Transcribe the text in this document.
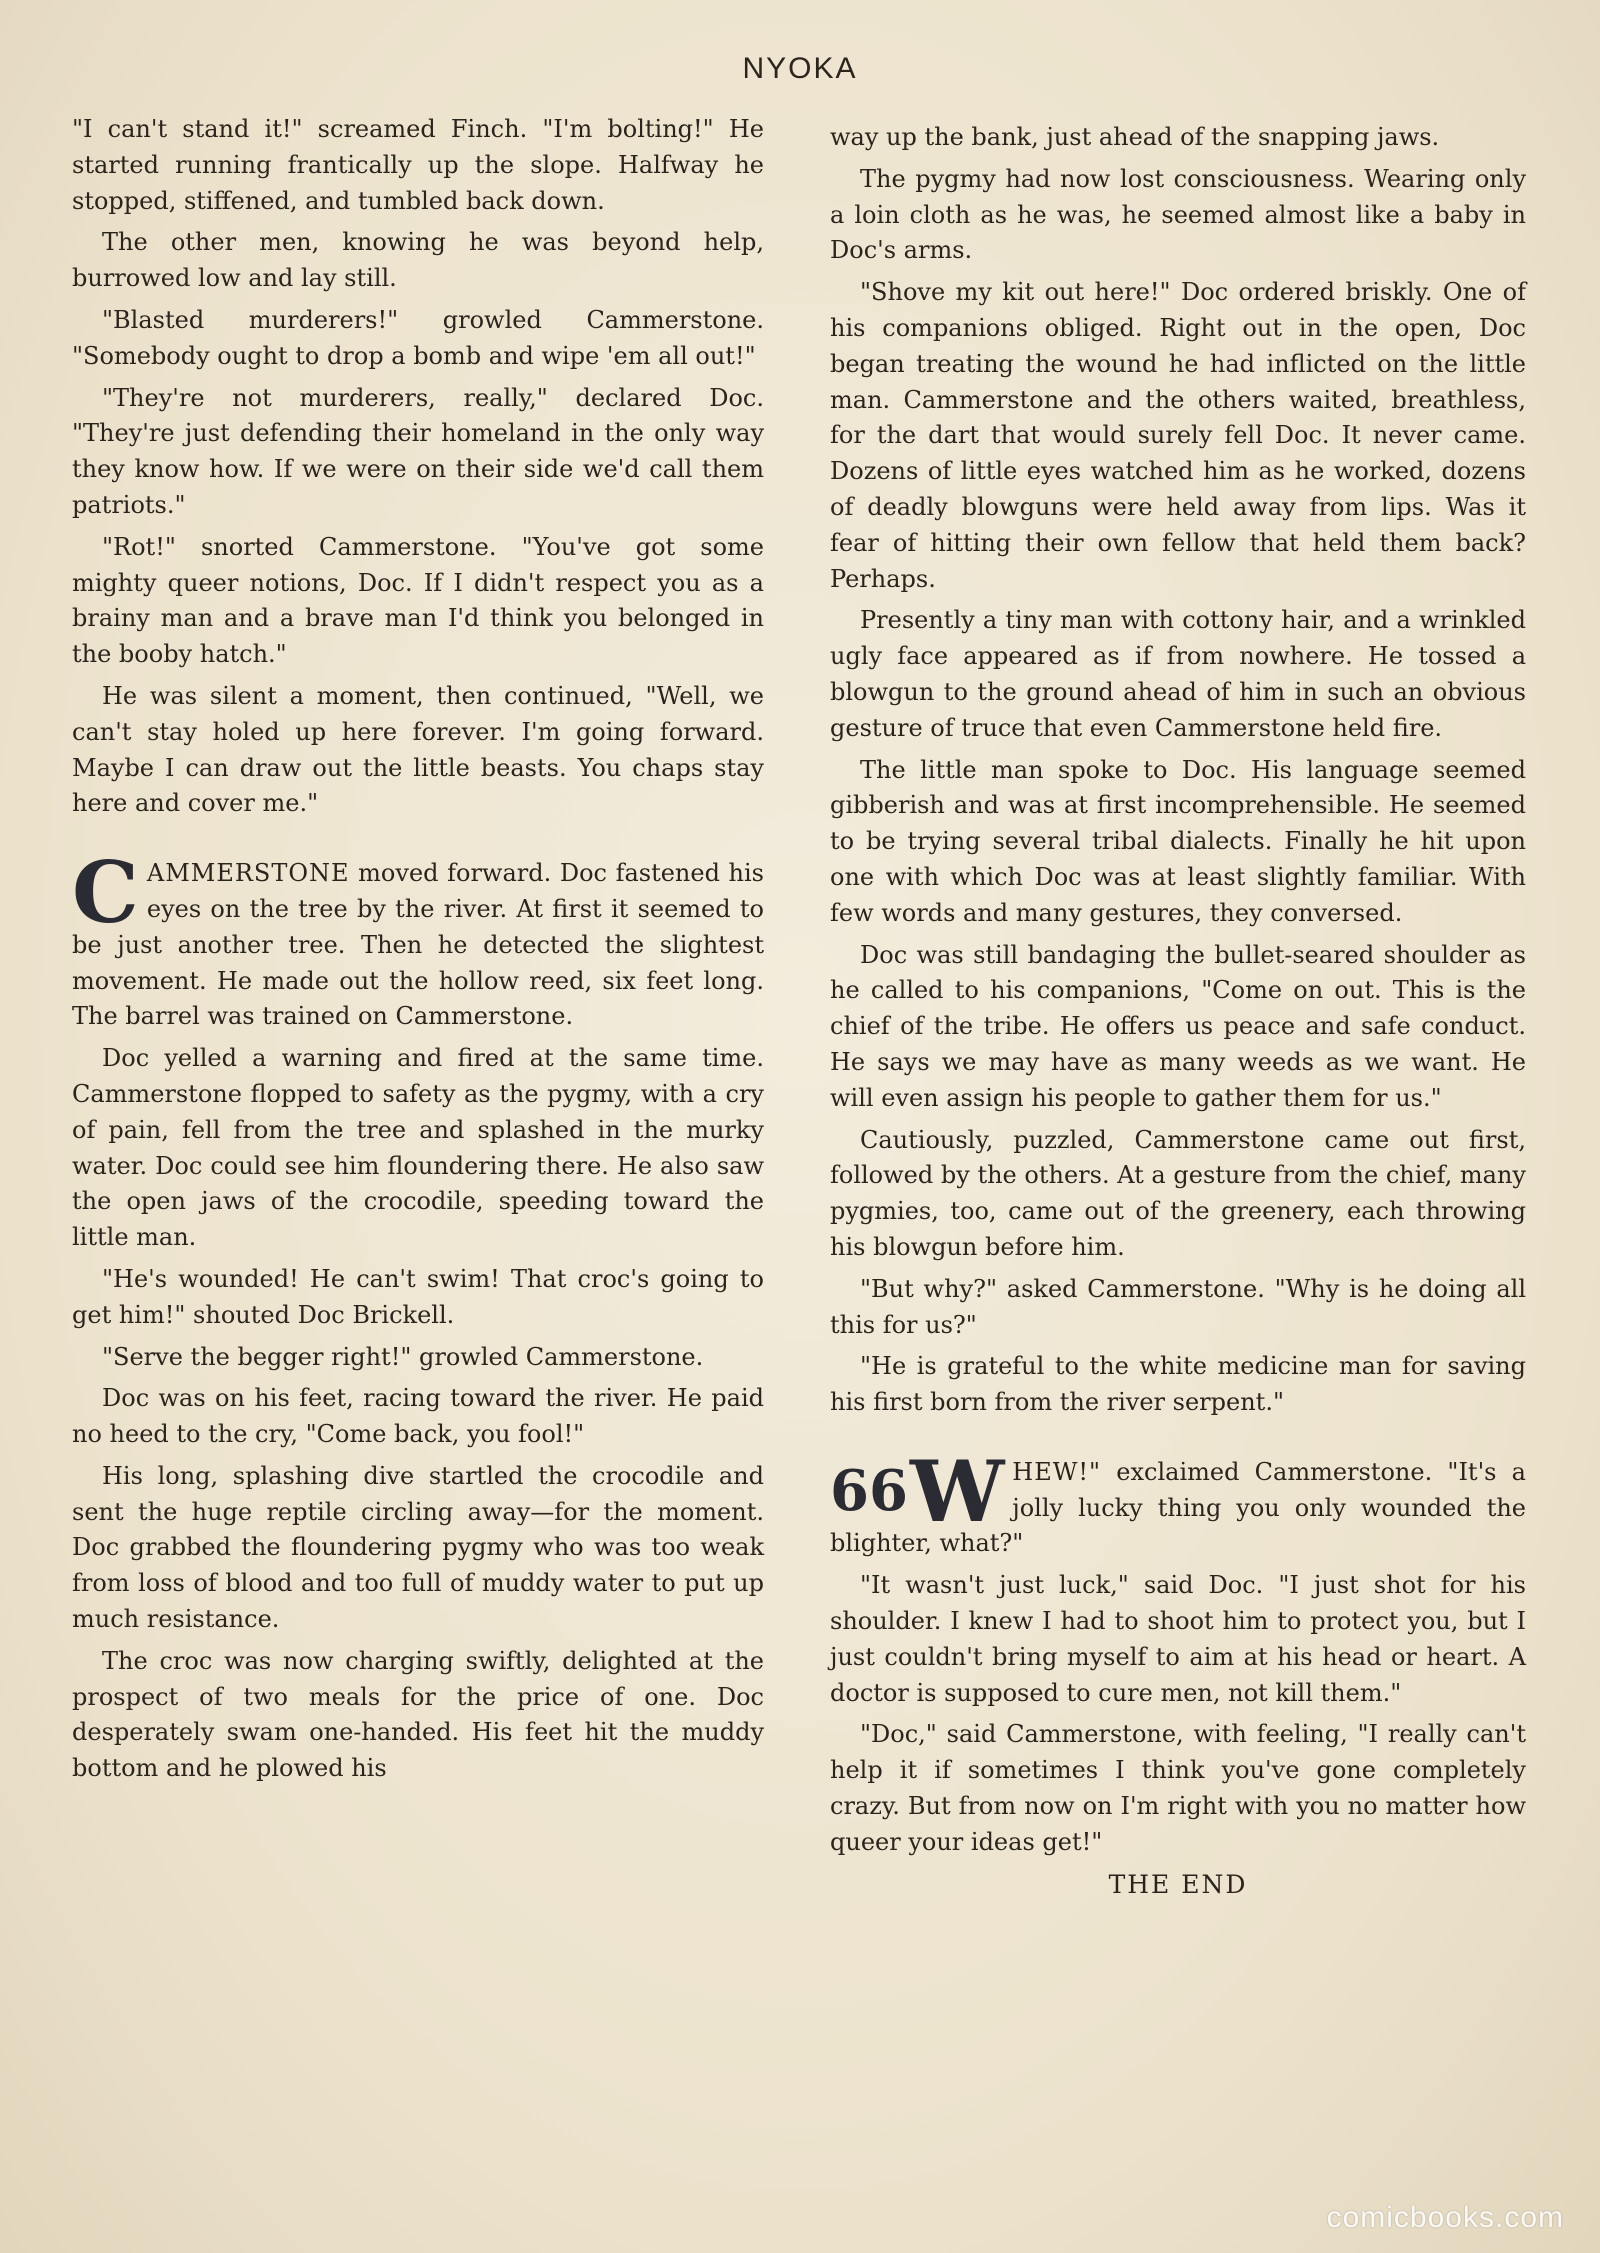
NYOKA

"I can't stand it!" screamed Finch. "I'm bolting!" He started running frantically up the slope. Halfway he stopped, stiffened, and tumbled back down.

The other men, knowing he was beyond help, burrowed low and lay still.

"Blasted murderers!" growled Cammerstone. "Somebody ought to drop a bomb and wipe 'em all out!"

"They're not murderers, really," declared Doc. "They're just defending their homeland in the only way they know how. If we were on their side we'd call them patriots."

"Rot!" snorted Cammerstone. "You've got some mighty queer notions, Doc. If I didn't respect you as a brainy man and a brave man I'd think you belonged in the booby hatch."

He was silent a moment, then continued, "Well, we can't stay holed up here forever. I'm going forward. Maybe I can draw out the little beasts. You chaps stay here and cover me."

CAMMERSTONE moved forward. Doc fastened his eyes on the tree by the river. At first it seemed to be just another tree. Then he detected the slightest movement. He made out the hollow reed, six feet long. The barrel was trained on Cammerstone.

Doc yelled a warning and fired at the same time. Cammerstone flopped to safety as the pygmy, with a cry of pain, fell from the tree and splashed in the murky water. Doc could see him floundering there. He also saw the open jaws of the crocodile, speeding toward the little man.

"He's wounded! He can't swim! That croc's going to get him!" shouted Doc Brickell.

"Serve the begger right!" growled Cammerstone.

Doc was on his feet, racing toward the river. He paid no heed to the cry, "Come back, you fool!"

His long, splashing dive startled the crocodile and sent the huge reptile circling away—for the moment. Doc grabbed the floundering pygmy who was too weak from loss of blood and too full of muddy water to put up much resistance.

The croc was now charging swiftly, delighted at the prospect of two meals for the price of one. Doc desperately swam one-handed. His feet hit the muddy bottom and he plowed his

way up the bank, just ahead of the snapping jaws.

The pygmy had now lost consciousness. Wearing only a loin cloth as he was, he seemed almost like a baby in Doc's arms.

"Shove my kit out here!" Doc ordered briskly. One of his companions obliged. Right out in the open, Doc began treating the wound he had inflicted on the little man. Cammerstone and the others waited, breathless, for the dart that would surely fell Doc. It never came. Dozens of little eyes watched him as he worked, dozens of deadly blowguns were held away from lips. Was it fear of hitting their own fellow that held them back? Perhaps.

Presently a tiny man with cottony hair, and a wrinkled ugly face appeared as if from nowhere. He tossed a blowgun to the ground ahead of him in such an obvious gesture of truce that even Cammerstone held fire.

The little man spoke to Doc. His language seemed gibberish and was at first incomprehensible. He seemed to be trying several tribal dialects. Finally he hit upon one with which Doc was at least slightly familiar. With few words and many gestures, they conversed.

Doc was still bandaging the bullet-seared shoulder as he called to his companions, "Come on out. This is the chief of the tribe. He offers us peace and safe conduct. He says we may have as many weeds as we want. He will even assign his people to gather them for us."

Cautiously, puzzled, Cammerstone came out first, followed by the others. At a gesture from the chief, many pygmies, too, came out of the greenery, each throwing his blowgun before him.

"But why?" asked Cammerstone. "Why is he doing all this for us?"

"He is grateful to the white medicine man for saving his first born from the river serpent."

66 W HEW!" exclaimed Cammerstone. "It's a jolly lucky thing you only wounded the blighter, what?"

"It wasn't just luck," said Doc. "I just shot for his shoulder. I knew I had to shoot him to protect you, but I just couldn't bring myself to aim at his head or heart. A doctor is supposed to cure men, not kill them."

"Doc," said Cammerstone, with feeling, "I really can't help it if sometimes I think you've gone completely crazy. But from now on I'm right with you no matter how queer your ideas get!"

THE END

comicbooks.com
